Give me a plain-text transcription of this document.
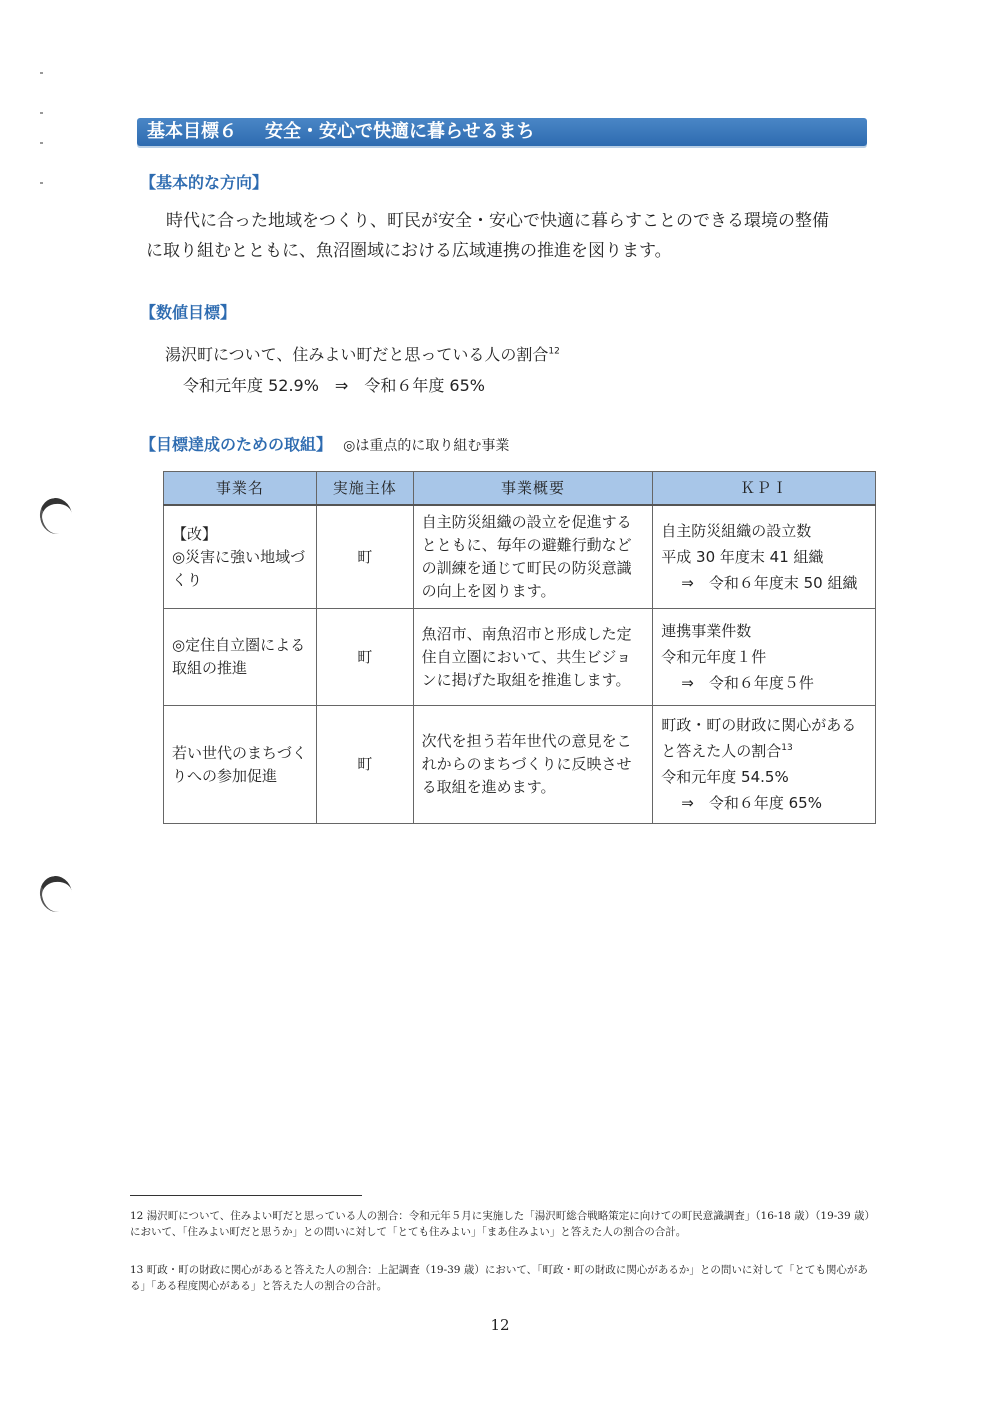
基本目標６ 安全・安心で快適に暮らせるまち
【基本的な方向】
時代に合った地域をつくり、町民が安全・安心で快適に暮らすことのできる環境の整備
に取り組むとともに、魚沼圏域における広域連携の推進を図ります。
【数値目標】
湯沢町について、住みよい町だと思っている人の割合$^{12}$
令和元年度 52.9%　⇒　令和６年度 65%
【目標達成のための取組】 ◎は重点的に取り組む事業
事業名	実施主体	事業概要	ＫＰＩ

【改】
◎災害に強い地域づくり	町	自主防災組織の設立を促進するとともに、毎年の避難行動などの訓練を通じて町民の防災意識の向上を図ります。	自主防災組織の設立数
平成 30 年度末 41 組織
⇒　令和６年度末 50 組織

◎定住自立圏による取組の推進	町	魚沼市、南魚沼市と形成した定住自立圏において、共生ビジョンに掲げた取組を推進します。	連携事業件数
令和元年度１件
⇒　令和６年度５件

若い世代のまちづくりへの参加促進	町	次代を担う若年世代の意見をこれからのまちづくりに反映させる取組を進めます。	町政・町の財政に関心があると答えた人の割合$^{13}$
令和元年度 54.5%
⇒　令和６年度 65%
12 湯沢町について、住みよい町だと思っている人の割合：令和元年５月に実施した「湯沢町総合戦略策定に向けての町民意識調査」（16-18 歳）（19-39 歳）において、「住みよい町だと思うか」との問いに対して「とても住みよい」「まあ住みよい」と答えた人の割合の合計。
13 町政・町の財政に関心があると答えた人の割合：上記調査（19-39 歳）において、「町政・町の財政に関心があるか」との問いに対して「とても関心がある」「ある程度関心がある」と答えた人の割合の合計。
12
